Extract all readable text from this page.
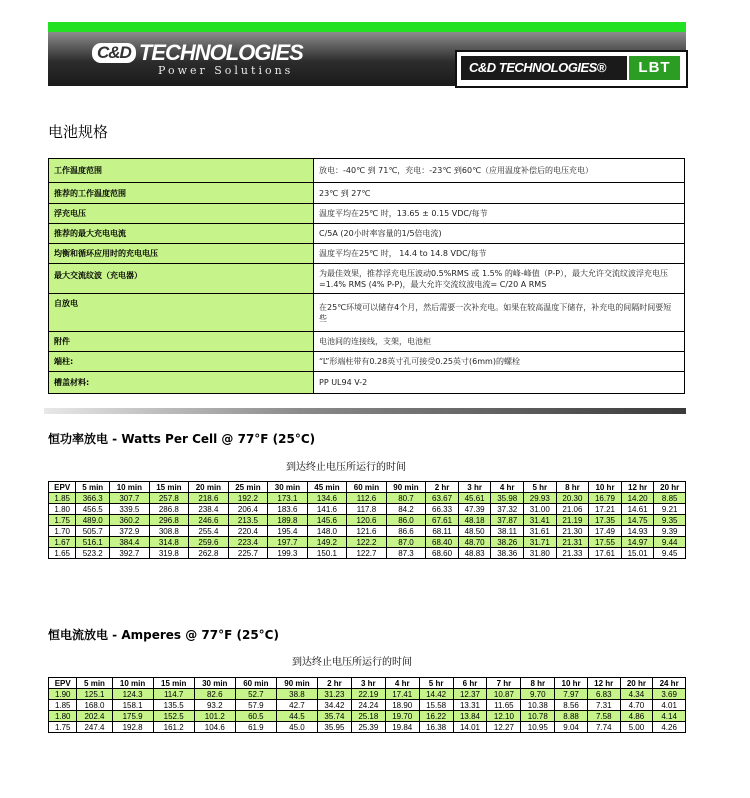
C&D TECHNOLOGIES
Power Solutions	C&D TECHNOLOGIES®	LBT
电池规格
工作温度范围	放电：-40℃ 到 71℃，充电：-23℃ 到60℃（应用温度补偿后的电压充电）
推荐的工作温度范围	23℃ 到 27℃
浮充电压	温度平均在25℃ 时，13.65 ± 0.15 VDC/每节
推荐的最大充电电流	C/5A (20小时率容量的1/5倍电流)
均衡和循环应用时的充电电压	温度平均在25℃ 时， 14.4 to 14.8 VDC/每节
最大交流纹波（充电器）	为最佳效果，推荐浮充电压波动0.5%RMS 或 1.5% 的峰-峰值（P-P），最大允许交流纹波浮充电压=1.4% RMS (4% P-P)，最大允许交流纹波电流= C/20 A RMS
自放电	在25℃环境可以储存4个月，然后需要一次补充电。如果在较高温度下储存，补充电的间隔时间要短些
附件	电池间的连接线，支架，电池柜
端柱:	“L”形端柱带有0.28英寸孔可接受0.25英寸(6mm)的螺栓
槽盖材料:	PP UL94 V-2
恒功率放电 - Watts Per Cell @ 77°F (25°C)
到达终止电压所运行的时间
EPV	5 min	10 min	15 min	20 min	25 min	30 min	45 min	60 min	90 min	2 hr	3 hr	4 hr	5 hr	8 hr	10 hr	12 hr	20 hr
1.85	366.3	307.7	257.8	218.6	192.2	173.1	134.6	112.6	80.7	63.67	45.61	35.98	29.93	20.30	16.79	14.20	8.85
1.80	456.5	339.5	286.8	238.4	206.4	183.6	141.6	117.8	84.2	66.33	47.39	37.32	31.00	21.06	17.21	14.61	9.21
1.75	489.0	360.2	296.8	246.6	213.5	189.8	145.6	120.6	86.0	67.61	48.18	37.87	31.41	21.19	17.35	14.75	9.35
1.70	505.7	372.9	308.8	255.4	220.4	195.4	148.0	121.6	86.6	68.11	48.50	38.11	31.61	21.30	17.49	14.93	9.39
1.67	516.1	384.4	314.8	259.6	223.4	197.7	149.2	122.2	87.0	68.40	48.70	38.26	31.71	21.31	17.55	14.97	9.44
1.65	523.2	392.7	319.8	262.8	225.7	199.3	150.1	122.7	87.3	68.60	48.83	38.36	31.80	21.33	17.61	15.01	9.45
恒电流放电 - Amperes @ 77°F (25°C)
到达终止电压所运行的时间
EPV	5 min	10 min	15 min	30 min	60 min	90 min	2 hr	3 hr	4 hr	5 hr	6 hr	7 hr	8 hr	10 hr	12 hr	20 hr	24 hr
1.90	125.1	124.3	114.7	82.6	52.7	38.8	31.23	22.19	17.41	14.42	12.37	10.87	9.70	7.97	6.83	4.34	3.69
1.85	168.0	158.1	135.5	93.2	57.9	42.7	34.42	24.24	18.90	15.58	13.31	11.65	10.38	8.56	7.31	4.70	4.01
1.80	202.4	175.9	152.5	101.2	60.5	44.5	35.74	25.18	19.70	16.22	13.84	12.10	10.78	8.88	7.58	4.86	4.14
1.75	247.4	192.8	161.2	104.6	61.9	45.0	35.95	25.39	19.84	16.38	14.01	12.27	10.95	9.04	7.74	5.00	4.26
